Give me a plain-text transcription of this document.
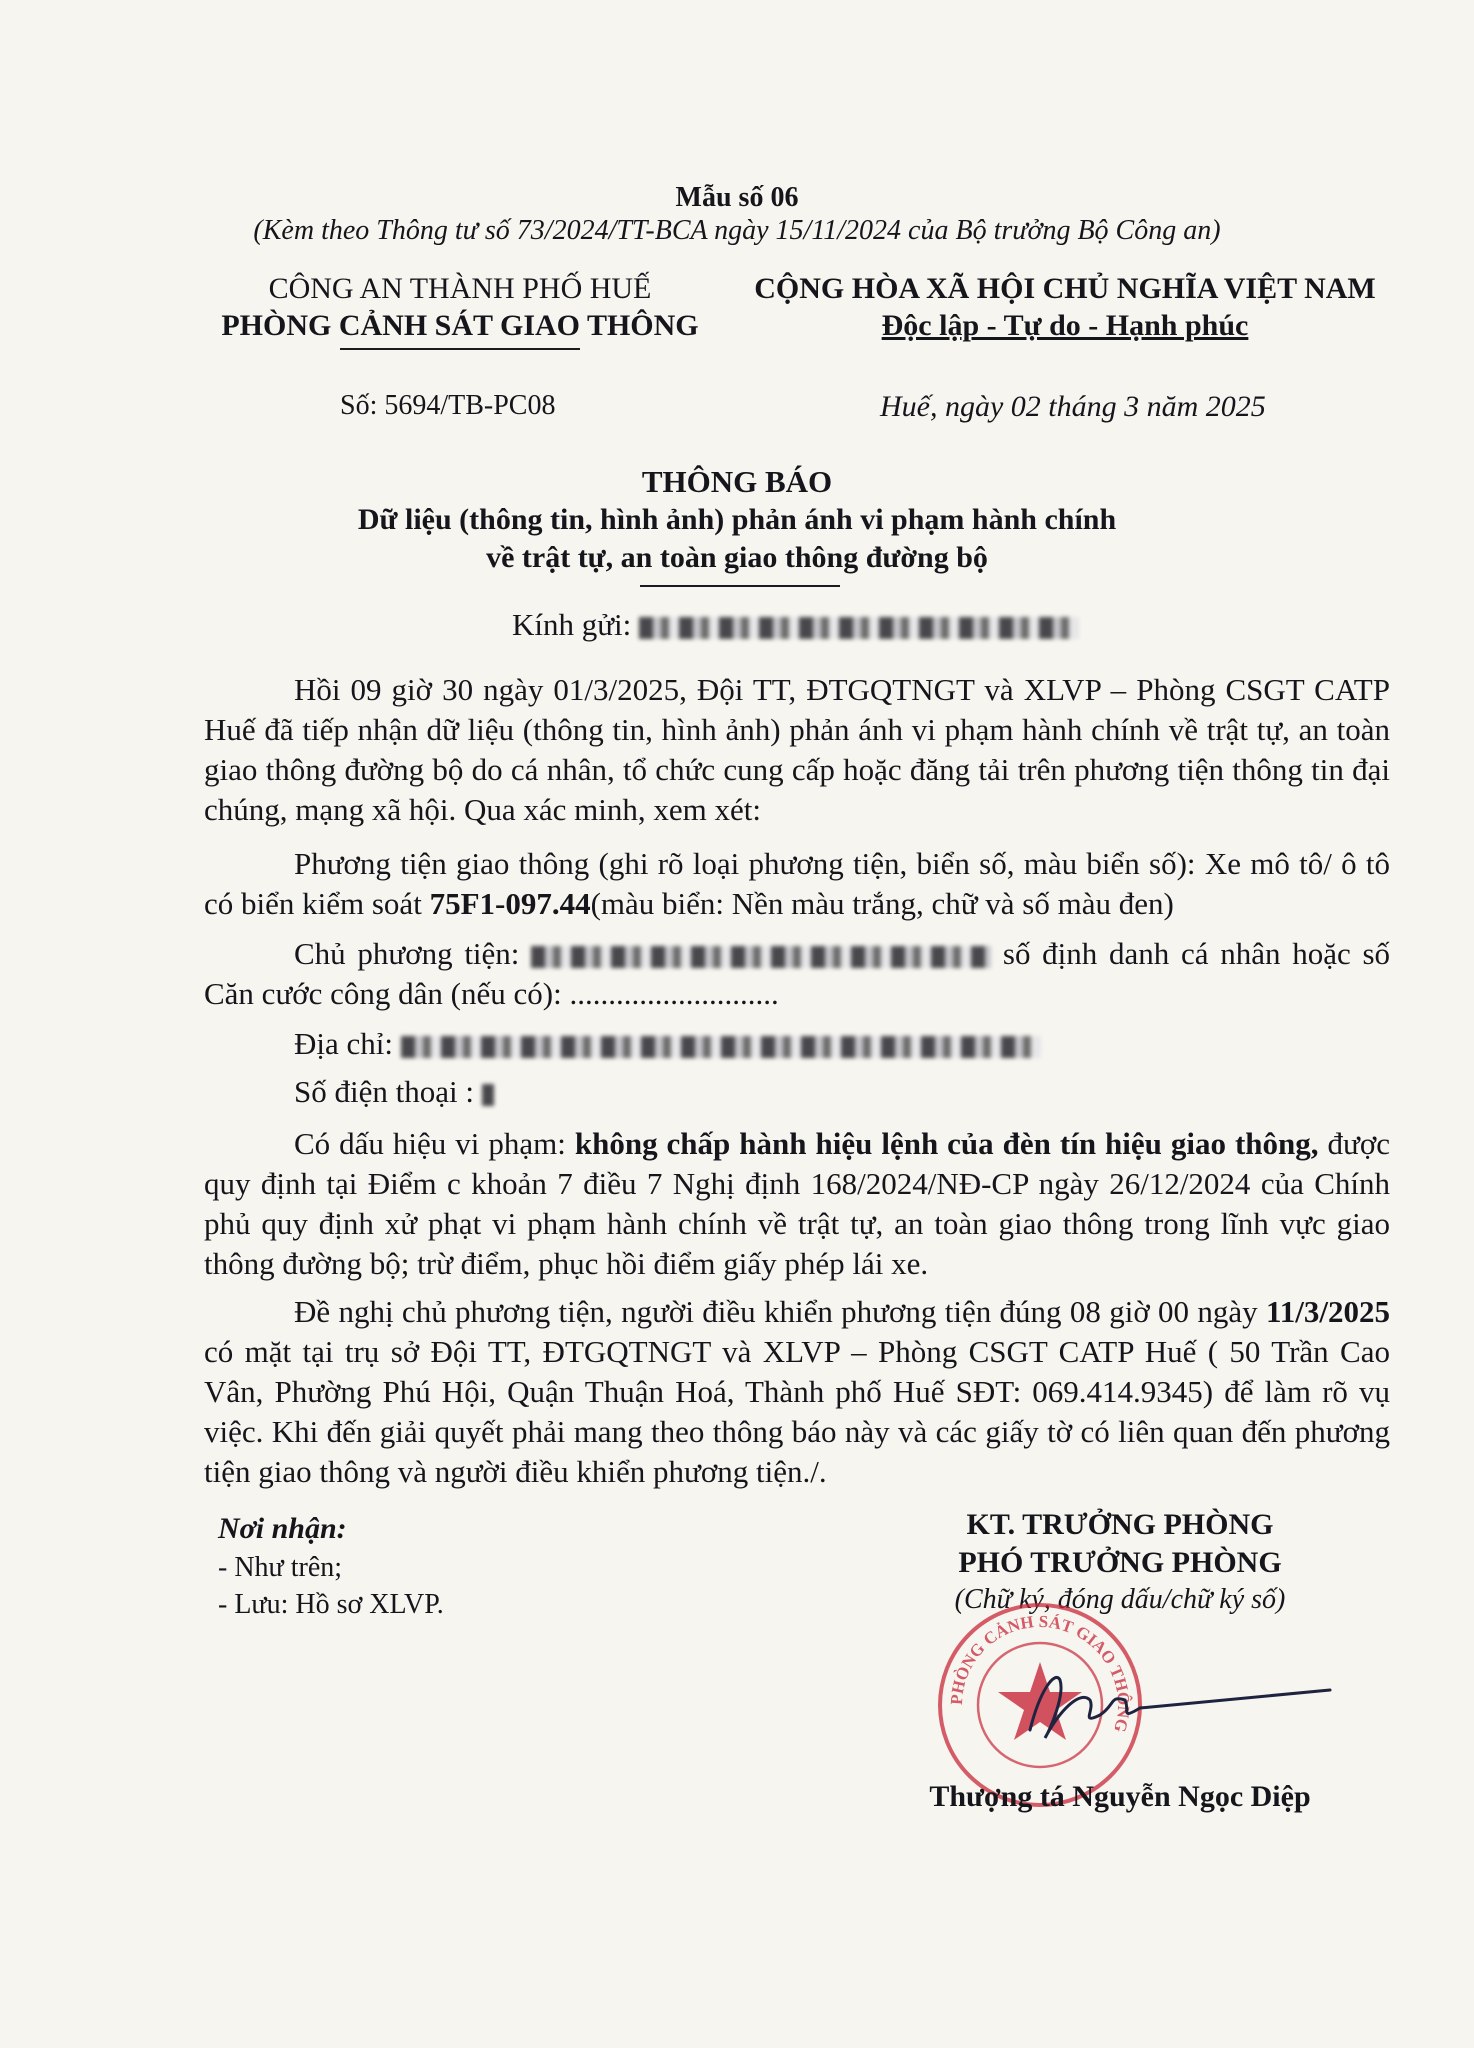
Mẫu số 06
(Kèm theo Thông tư số 73/2024/TT-BCA ngày 15/11/2024 của Bộ trưởng Bộ Công an)
CÔNG AN THÀNH PHỐ HUẾ
PHÒNG CẢNH SÁT GIAO THÔNG
CỘNG HÒA XÃ HỘI CHỦ NGHĨA VIỆT NAM
Độc lập - Tự do - Hạnh phúc
Số: 5694/TB-PC08	Huế, ngày 02 tháng 3 năm 2025
THÔNG BÁO
Dữ liệu (thông tin, hình ảnh) phản ánh vi phạm hành chính
về trật tự, an toàn giao thông đường bộ
Kính gửi:
Hồi 09 giờ 30 ngày 01/3/2025, Đội TT, ĐTGQTNGT và XLVP – Phòng CSGT CATP Huế đã tiếp nhận dữ liệu (thông tin, hình ảnh) phản ánh vi phạm hành chính về trật tự, an toàn giao thông đường bộ do cá nhân, tổ chức cung cấp hoặc đăng tải trên phương tiện thông tin đại chúng, mạng xã hội. Qua xác minh, xem xét:
Phương tiện giao thông (ghi rõ loại phương tiện, biển số, màu biển số): Xe mô tô/ ô tô có biển kiểm soát 75F1-097.44(màu biển: Nền màu trắng, chữ và số màu đen)
Chủ phương tiện:	số định danh cá nhân hoặc số Căn cước công dân (nếu có): ...........................
Địa chỉ:
Số điện thoại :
Có dấu hiệu vi phạm: không chấp hành hiệu lệnh của đèn tín hiệu giao thông, được quy định tại Điểm c khoản 7 điều 7 Nghị định 168/2024/NĐ-CP ngày 26/12/2024 của Chính phủ quy định xử phạt vi phạm hành chính về trật tự, an toàn giao thông trong lĩnh vực giao thông đường bộ; trừ điểm, phục hồi điểm giấy phép lái xe.
Đề nghị chủ phương tiện, người điều khiển phương tiện đúng 08 giờ 00 ngày 11/3/2025 có mặt tại trụ sở Đội TT, ĐTGQTNGT và XLVP – Phòng CSGT CATP Huế ( 50 Trần Cao Vân, Phường Phú Hội, Quận Thuận Hoá, Thành phố Huế SĐT: 069.414.9345) để làm rõ vụ việc. Khi đến giải quyết phải mang theo thông báo này và các giấy tờ có liên quan đến phương tiện giao thông và người điều khiển phương tiện./.
Nơi nhận:
- Như trên;
- Lưu: Hồ sơ XLVP.
KT. TRƯỞNG PHÒNG
PHÓ TRƯỞNG PHÒNG
(Chữ ký, đóng dấu/chữ ký số)
PHÒNG CẢNH SÁT GIAO THÔNG
Thượng tá Nguyễn Ngọc Diệp
